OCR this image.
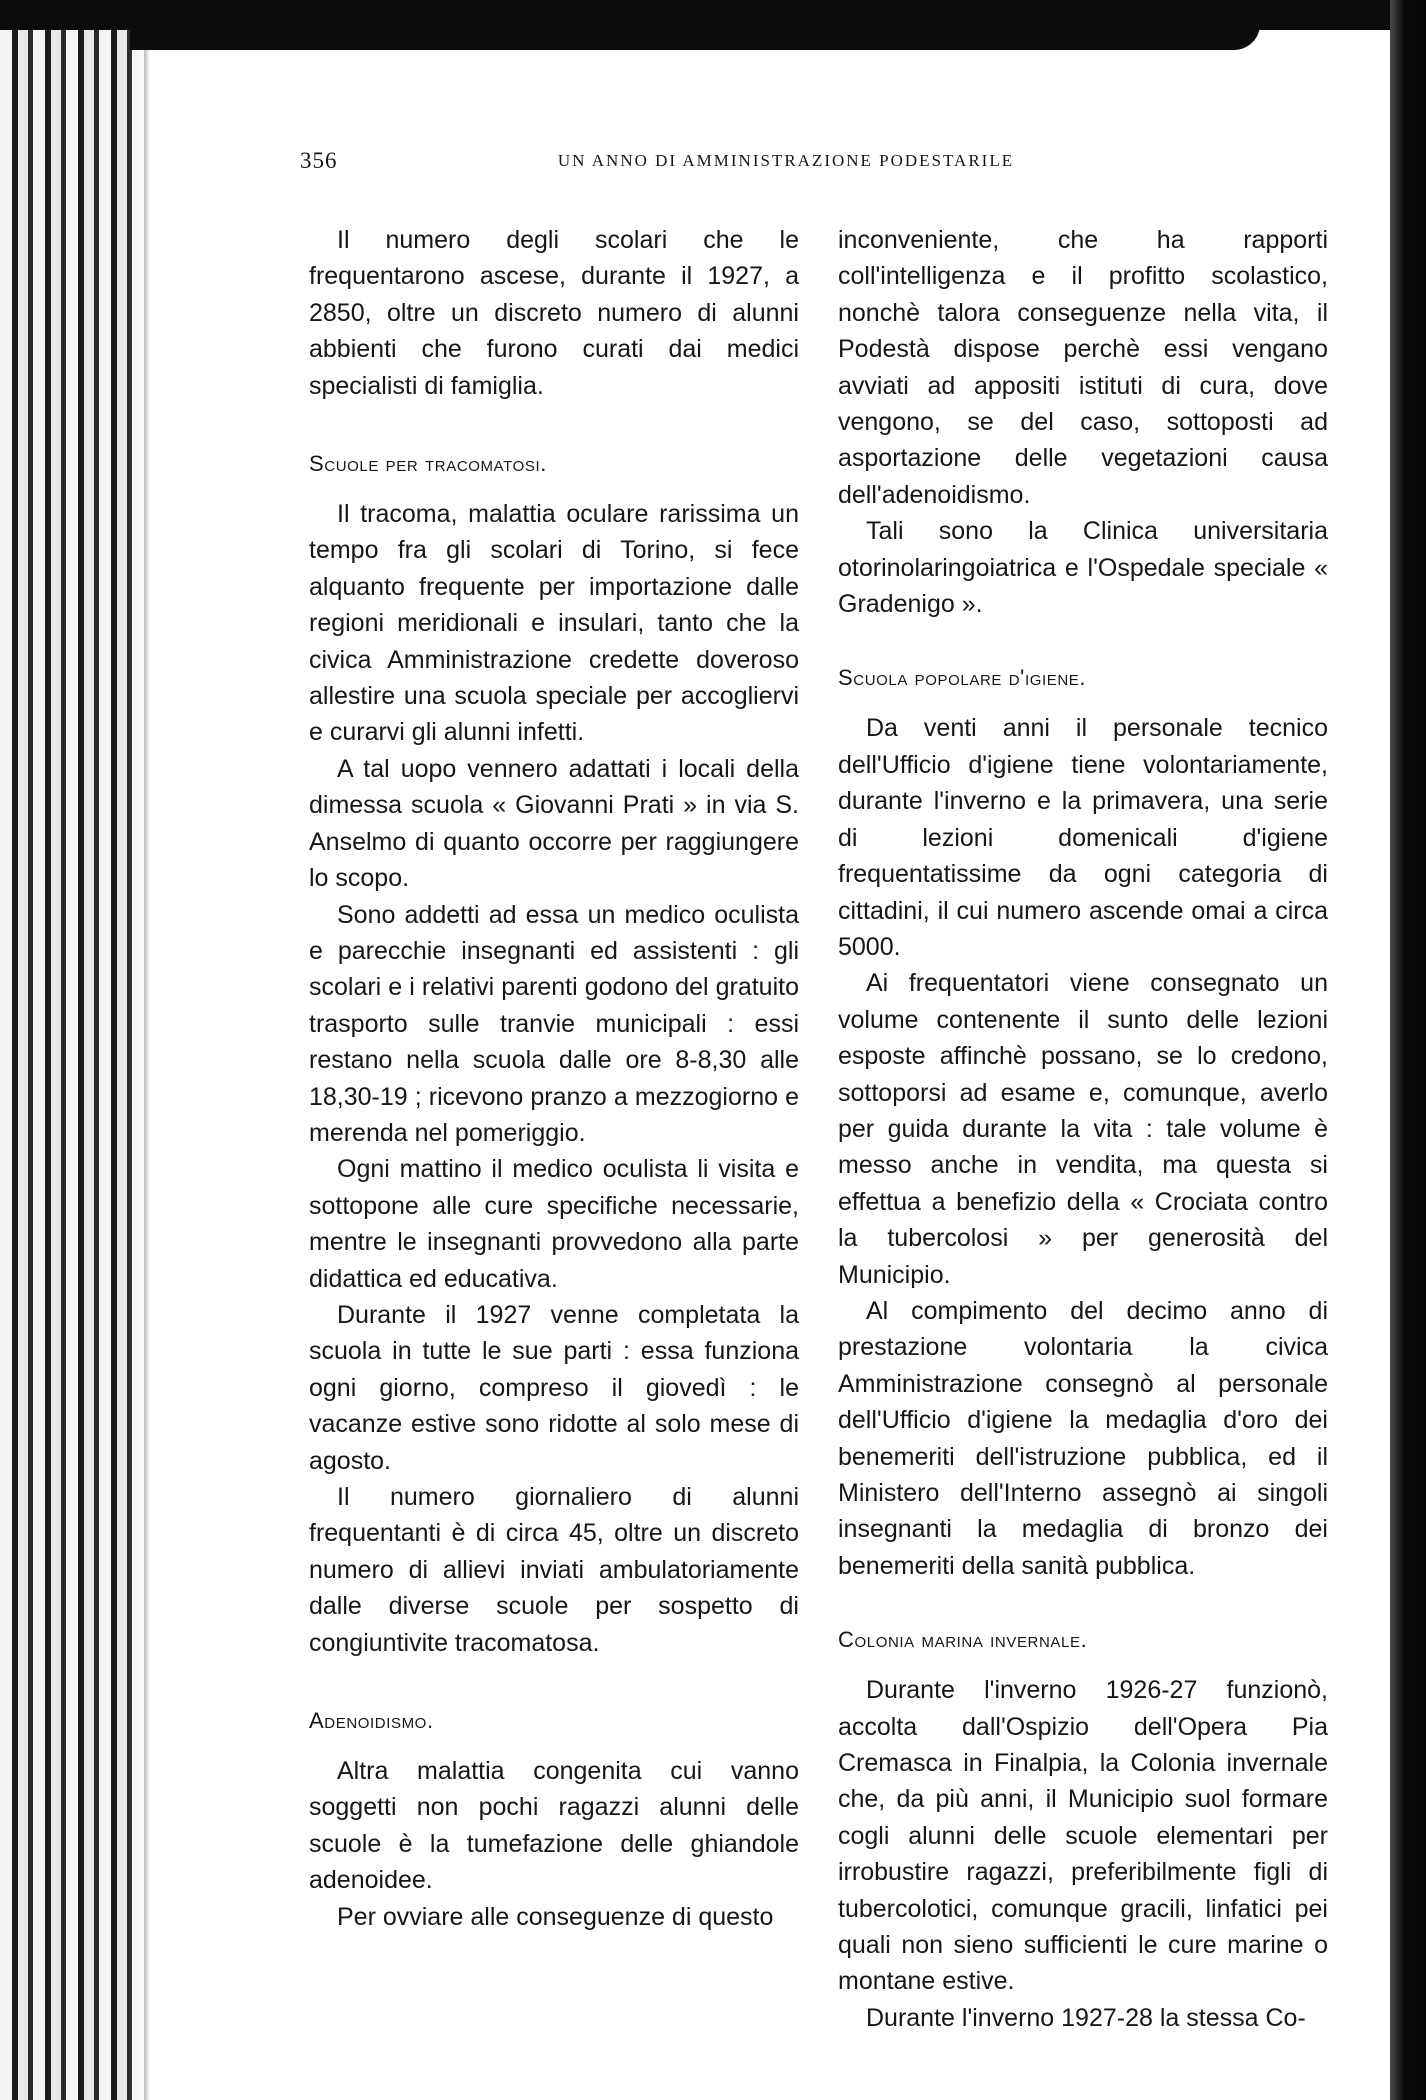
356	UN ANNO DI AMMINISTRAZIONE PODESTARILE

Il numero degli scolari che le frequentarono ascese, durante il 1927, a 2850, oltre un discreto numero di alunni abbienti che furono curati dai medici specialisti di famiglia.

Scuole per tracomatosi.

Il tracoma, malattia oculare rarissima un tempo fra gli scolari di Torino, si fece alquanto frequente per importazione dalle regioni meridionali e insulari, tanto che la civica Amministrazione credette doveroso allestire una scuola speciale per accogliervi e curarvi gli alunni infetti.

A tal uopo vennero adattati i locali della dimessa scuola « Giovanni Prati » in via S. Anselmo di quanto occorre per raggiungere lo scopo.

Sono addetti ad essa un medico oculista e parecchie insegnanti ed assistenti : gli scolari e i relativi parenti godono del gratuito trasporto sulle tranvie municipali : essi restano nella scuola dalle ore 8-8,30 alle 18,30-19 ; ricevono pranzo a mezzogiorno e merenda nel pomeriggio.

Ogni mattino il medico oculista li visita e sottopone alle cure specifiche necessarie, mentre le insegnanti provvedono alla parte didattica ed educativa.

Durante il 1927 venne completata la scuola in tutte le sue parti : essa funziona ogni giorno, compreso il giovedì : le vacanze estive sono ridotte al solo mese di agosto.

Il numero giornaliero di alunni frequentanti è di circa 45, oltre un discreto numero di allievi inviati ambulatoriamente dalle diverse scuole per sospetto di congiuntivite tracomatosa.

Adenoidismo.

Altra malattia congenita cui vanno soggetti non pochi ragazzi alunni delle scuole è la tumefazione delle ghiandole adenoidee.

Per ovviare alle conseguenze di questo

inconveniente, che ha rapporti coll'intelligenza e il profitto scolastico, nonchè talora conseguenze nella vita, il Podestà dispose perchè essi vengano avviati ad appositi istituti di cura, dove vengono, se del caso, sottoposti ad asportazione delle vegetazioni causa dell'adenoidismo.

Tali sono la Clinica universitaria otorinolaringoiatrica e l'Ospedale speciale « Gradenigo ».

Scuola popolare d'igiene.

Da venti anni il personale tecnico dell'Ufficio d'igiene tiene volontariamente, durante l'inverno e la primavera, una serie di lezioni domenicali d'igiene frequentatissime da ogni categoria di cittadini, il cui numero ascende omai a circa 5000.

Ai frequentatori viene consegnato un volume contenente il sunto delle lezioni esposte affinchè possano, se lo credono, sottoporsi ad esame e, comunque, averlo per guida durante la vita : tale volume è messo anche in vendita, ma questa si effettua a benefizio della « Crociata contro la tubercolosi » per generosità del Municipio.

Al compimento del decimo anno di prestazione volontaria la civica Amministrazione consegnò al personale dell'Ufficio d'igiene la medaglia d'oro dei benemeriti dell'istruzione pubblica, ed il Ministero dell'Interno assegnò ai singoli insegnanti la medaglia di bronzo dei benemeriti della sanità pubblica.

Colonia marina invernale.

Durante l'inverno 1926-27 funzionò, accolta dall'Ospizio dell'Opera Pia Cremasca in Finalpia, la Colonia invernale che, da più anni, il Municipio suol formare cogli alunni delle scuole elementari per irrobustire ragazzi, preferibilmente figli di tubercolotici, comunque gracili, linfatici pei quali non sieno sufficienti le cure marine o montane estive.

Durante l'inverno 1927-28 la stessa Co-
